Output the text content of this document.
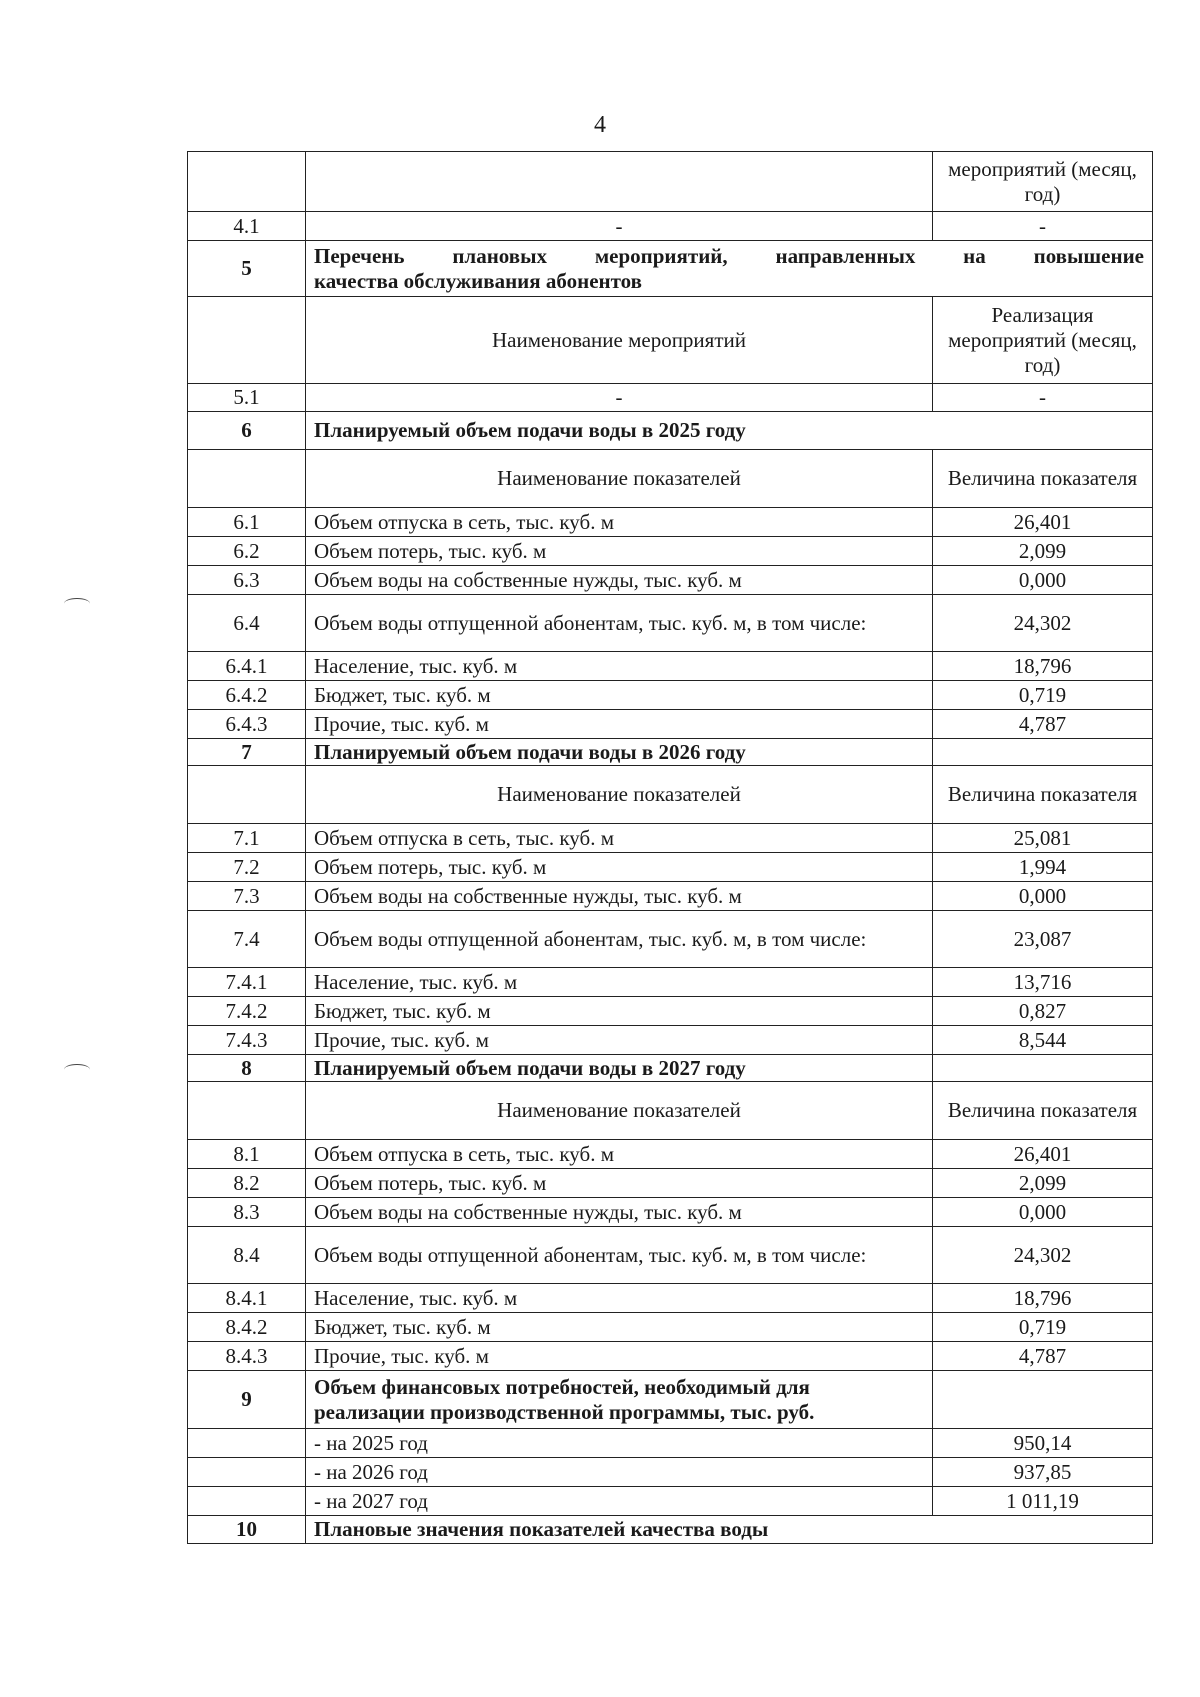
4
		мероприятий (месяц, год)
4.1	-	-
5	Перечень плановых мероприятий, направленных на повышение
качества обслуживания абонентов	
	Наименование мероприятий	Реализация мероприятий (месяц, год)
5.1	-	-
6	Планируемый объем подачи воды в 2025 году	
	Наименование показателей	Величина показателя
6.1	Объем отпуска в сеть, тыс. куб. м	26,401
6.2	Объем потерь, тыс. куб. м	2,099
6.3	Объем воды на собственные нужды, тыс. куб. м	0,000
6.4	Объем воды отпущенной абонентам, тыс. куб. м, в том числе:	24,302
6.4.1	Население, тыс. куб. м	18,796
6.4.2	Бюджет, тыс. куб. м	0,719
6.4.3	Прочие, тыс. куб. м	4,787
7	Планируемый объем подачи воды в 2026 году	
	Наименование показателей	Величина показателя
7.1	Объем отпуска в сеть, тыс. куб. м	25,081
7.2	Объем потерь, тыс. куб. м	1,994
7.3	Объем воды на собственные нужды, тыс. куб. м	0,000
7.4	Объем воды отпущенной абонентам, тыс. куб. м, в том числе:	23,087
7.4.1	Население, тыс. куб. м	13,716
7.4.2	Бюджет, тыс. куб. м	0,827
7.4.3	Прочие, тыс. куб. м	8,544
8	Планируемый объем подачи воды в 2027 году	
	Наименование показателей	Величина показателя
8.1	Объем отпуска в сеть, тыс. куб. м	26,401
8.2	Объем потерь, тыс. куб. м	2,099
8.3	Объем воды на собственные нужды, тыс. куб. м	0,000
8.4	Объем воды отпущенной абонентам, тыс. куб. м, в том числе:	24,302
8.4.1	Население, тыс. куб. м	18,796
8.4.2	Бюджет, тыс. куб. м	0,719
8.4.3	Прочие, тыс. куб. м	4,787
9	Объем финансовых потребностей, необходимый для реализации производственной программы, тыс. руб.	
	- на 2025 год	950,14
	- на 2026 год	937,85
	- на 2027 год	1 011,19
10	Плановые значения показателей качества воды	
